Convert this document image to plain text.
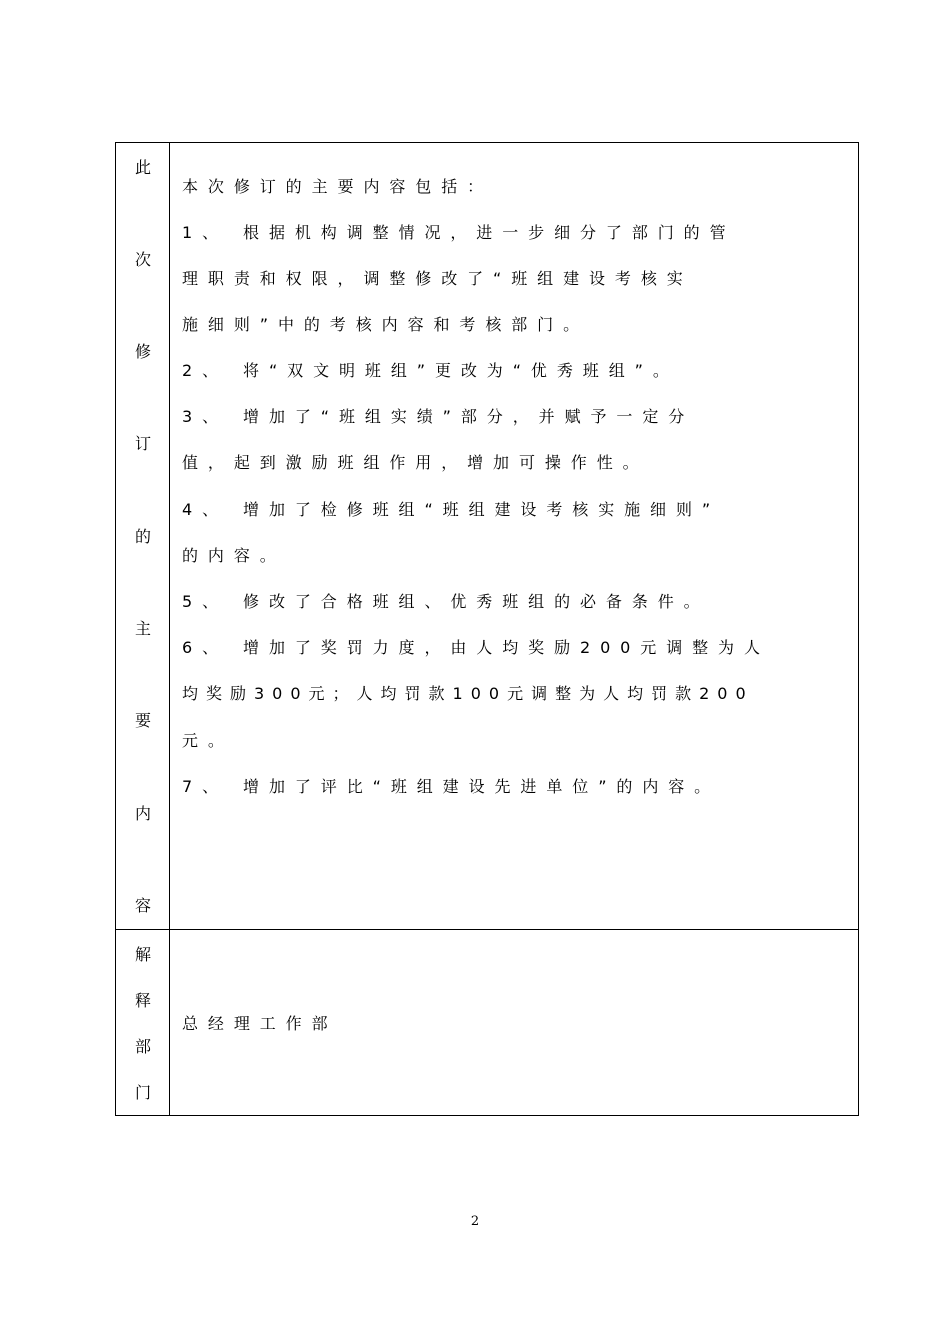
此
次
修
订
的
主
要
内
容
本次修订的主要内容包括：
1、 根据机构调整情况，进一步细分了部门的管
理职责和权限，调整修改了“班组建设考核实
施细则”中的考核内容和考核部门。
2、 将“双文明班组”更改为“优秀班组”。
3、 增加了“班组实绩”部分，并赋予一定分
值，起到激励班组作用，增加可操作性。
4、 增加了检修班组“班组建设考核实施细则”
的内容。
5、 修改了合格班组、优秀班组的必备条件。
6、 增加了奖罚力度，由人均奖励200元调整为人
均奖励300元；人均罚款100元调整为人均罚款200
元。
7、 增加了评比“班组建设先进单位”的内容。
解
释
部
门
总经理工作部
2
